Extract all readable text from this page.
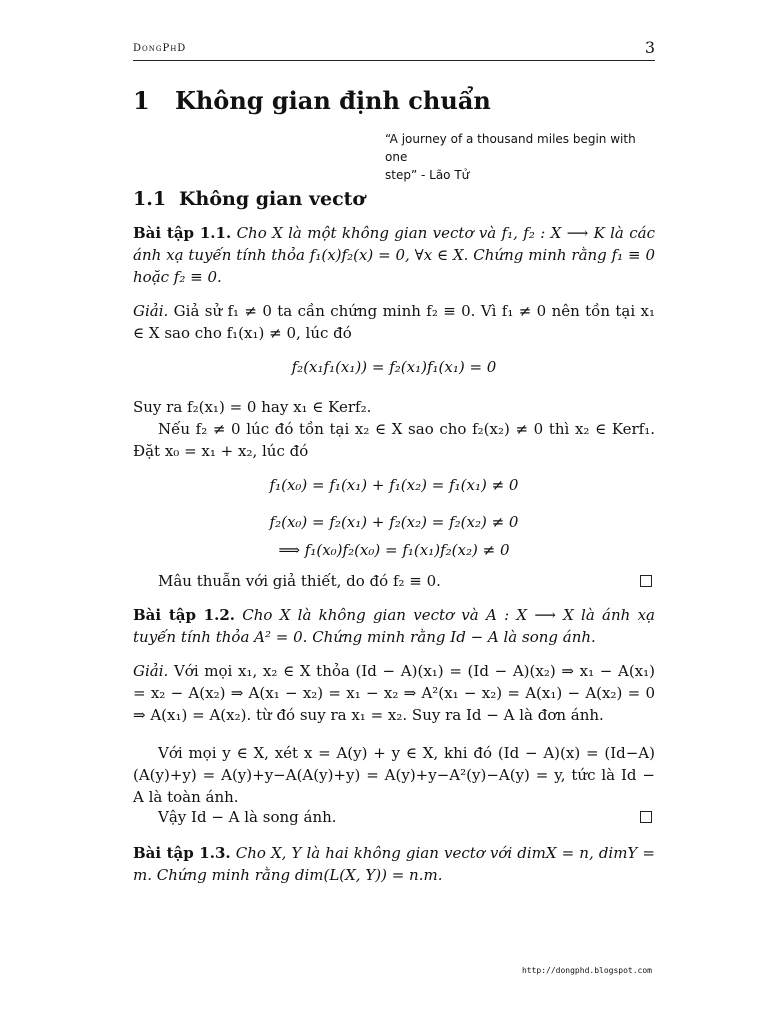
DongPhD	3
1 Không gian định chuẩn
“A journey of a thousand miles begin with one
step” - Lão Tử
1.1 Không gian vectơ
Bài tập 1.1. Cho X là một không gian vectơ và f₁, f₂ : X ⟶ K là các ánh xạ tuyến tính thỏa f₁(x)f₂(x) = 0, ∀x ∈ X. Chứng minh rằng f₁ ≡ 0 hoặc f₂ ≡ 0.
Giải. Giả sử f₁ ≠ 0 ta cần chứng minh f₂ ≡ 0. Vì f₁ ≠ 0 nên tồn tại x₁ ∈ X sao cho f₁(x₁) ≠ 0, lúc đó
f₂(x₁f₁(x₁)) = f₂(x₁)f₁(x₁) = 0
Suy ra f₂(x₁) = 0 hay x₁ ∈ Kerf₂.
Nếu f₂ ≠ 0 lúc đó tồn tại x₂ ∈ X sao cho f₂(x₂) ≠ 0 thì x₂ ∈ Kerf₁. Đặt x₀ = x₁ + x₂, lúc đó
f₁(x₀) = f₁(x₁) + f₁(x₂) = f₁(x₁) ≠ 0
f₂(x₀) = f₂(x₁) + f₂(x₂) = f₂(x₂) ≠ 0
⟹ f₁(x₀)f₂(x₀) = f₁(x₁)f₂(x₂) ≠ 0
Mâu thuẫn với giả thiết, do đó f₂ ≡ 0.
Bài tập 1.2. Cho X là không gian vectơ và A : X ⟶ X là ánh xạ tuyến tính thỏa A² = 0. Chứng minh rằng Id − A là song ánh.
Giải. Với mọi x₁, x₂ ∈ X thỏa (Id − A)(x₁) = (Id − A)(x₂) ⇒ x₁ − A(x₁) = x₂ − A(x₂) ⇒ A(x₁ − x₂) = x₁ − x₂ ⇒ A²(x₁ − x₂) = A(x₁) − A(x₂) = 0 ⇒ A(x₁) = A(x₂). từ đó suy ra x₁ = x₂. Suy ra Id − A là đơn ánh.
Với mọi y ∈ X, xét x = A(y) + y ∈ X, khi đó (Id − A)(x) = (Id−A)(A(y)+y) = A(y)+y−A(A(y)+y) = A(y)+y−A²(y)−A(y) = y, tức là Id − A là toàn ánh.
Vậy Id − A là song ánh.
Bài tập 1.3. Cho X, Y là hai không gian vectơ với dimX = n, dimY = m. Chứng minh rằng dim(L(X, Y)) = n.m.
http://dongphd.blogspot.com
